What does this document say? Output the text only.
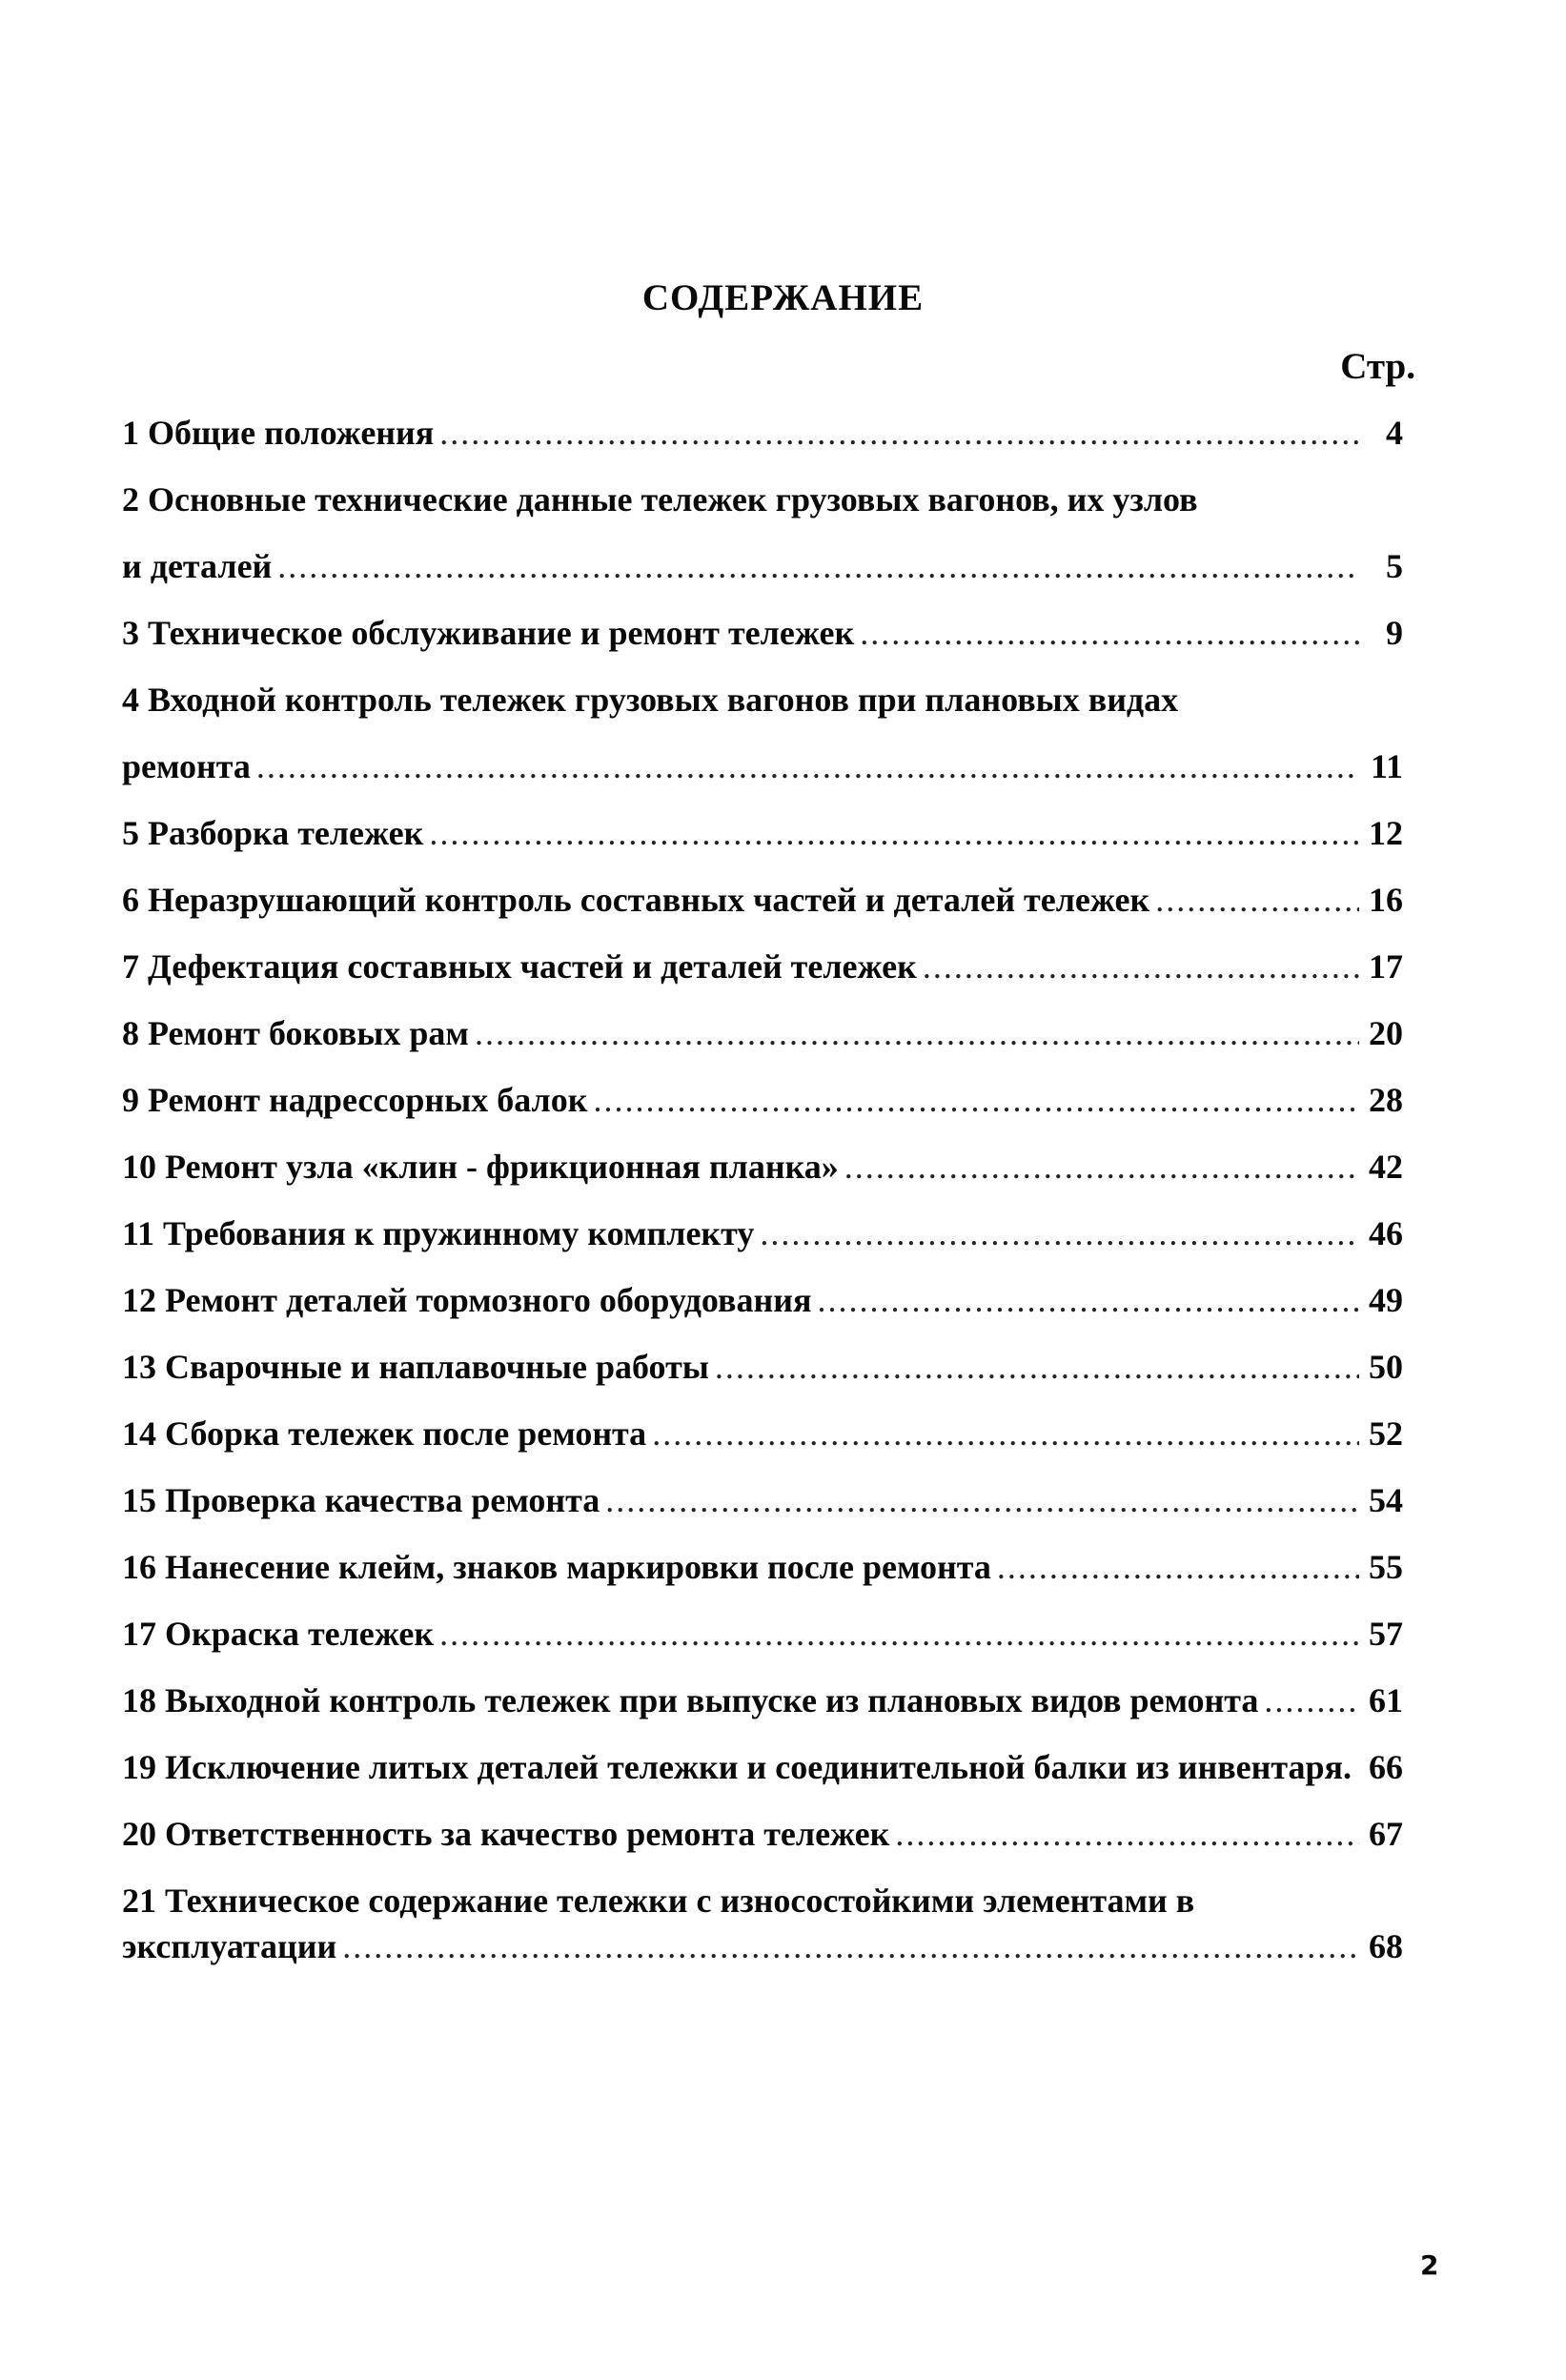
СОДЕРЖАНИЕ
Стр.
1 Общие положения .....	4
2 Основные технические данные тележек грузовых вагонов, их узлов
и деталей .....	5
3 Техническое обслуживание и ремонт тележек .....	9
4 Входной контроль тележек грузовых вагонов при плановых видах
ремонта .....	11
5 Разборка тележек .....	12
6 Неразрушающий контроль составных частей и деталей тележек .....	16
7 Дефектация составных частей и деталей тележек .....	17
8 Ремонт боковых рам .....	20
9 Ремонт надрессорных балок .....	28
10 Ремонт узла «клин - фрикционная планка» .....	42
11 Требования к пружинному комплекту .....	46
12 Ремонт деталей тормозного оборудования .....	49
13 Сварочные и наплавочные работы .....	50
14 Сборка тележек после ремонта .....	52
15 Проверка качества ремонта .....	54
16 Нанесение клейм, знаков маркировки после ремонта .....	55
17 Окраска тележек .....	57
18 Выходной контроль тележек при выпуске из плановых видов ремонта .....	61
19 Исключение литых деталей тележки и соединительной балки из инвентаря. ..... 66
20 Ответственность за качество ремонта тележек .....	67
21 Техническое содержание тележки с износостойкими элементами в
эксплуатации .....	68
2
